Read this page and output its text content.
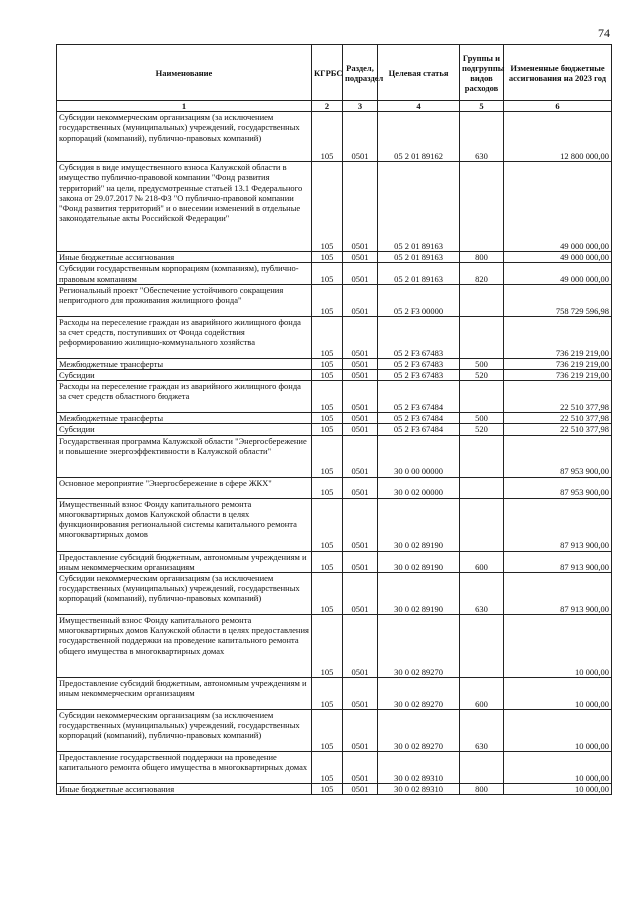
74
Наименование	КГРБС	Раздел, подраздел	Целевая статья	Группы и подгруппы видов расходов	Измененные бюджетные ассигнования на 2023 год
1	2	3	4	5	6
Субсидии некоммерческим организациям (за исключением государственных (муниципальных) учреждений, государственных корпораций (компаний), публично-правовых компаний)	105	0501	05 2 01 89162	630	12 800 000,00
Субсидия в виде имущественного взноса Калужской области в имущество публично-правовой компании "Фонд развития территорий" на цели, предусмотренные статьей 13.1 Федерального закона от 29.07.2017 № 218-ФЗ "О публично-правовой компании "Фонд развития территорий" и о внесении изменений в отдельные законодательные акты Российской Федерации"	105	0501	05 2 01 89163		49 000 000,00
Иные бюджетные ассигнования	105	0501	05 2 01 89163	800	49 000 000,00
Субсидии государственным корпорациям (компаниям), публично-правовым компаниям	105	0501	05 2 01 89163	820	49 000 000,00
Региональный проект "Обеспечение устойчивого сокращения непригодного для проживания жилищного фонда"	105	0501	05 2 F3 00000		758 729 596,98
Расходы на переселение граждан из аварийного жилищного фонда за счет средств, поступивших от Фонда содействия реформированию жилищно-коммунального хозяйства	105	0501	05 2 F3 67483		736 219 219,00
Межбюджетные трансферты	105	0501	05 2 F3 67483	500	736 219 219,00
Субсидии	105	0501	05 2 F3 67483	520	736 219 219,00
Расходы на переселение граждан из аварийного жилищного фонда за счет средств областного бюджета	105	0501	05 2 F3 67484		22 510 377,98
Межбюджетные трансферты	105	0501	05 2 F3 67484	500	22 510 377,98
Субсидии	105	0501	05 2 F3 67484	520	22 510 377,98
Государственная программа Калужской области "Энергосбережение и повышение энергоэффективности в Калужской области"	105	0501	30 0 00 00000		87 953 900,00
Основное мероприятие "Энергосбережение в сфере ЖКХ"	105	0501	30 0 02 00000		87 953 900,00
Имущественный взнос Фонду капитального ремонта многоквартирных домов Калужской области в целях функционирования региональной системы капитального ремонта многоквартирных домов	105	0501	30 0 02 89190		87 913 900,00
Предоставление субсидий бюджетным, автономным учреждениям и иным некоммерческим организациям	105	0501	30 0 02 89190	600	87 913 900,00
Субсидии некоммерческим организациям (за исключением государственных (муниципальных) учреждений, государственных корпораций (компаний), публично-правовых компаний)	105	0501	30 0 02 89190	630	87 913 900,00
Имущественный взнос Фонду капитального ремонта многоквартирных домов Калужской области в целях предоставления государственной поддержки на проведение капитального ремонта общего имущества в многоквартирных домах	105	0501	30 0 02 89270		10 000,00
Предоставление субсидий бюджетным, автономным учреждениям и иным некоммерческим организациям	105	0501	30 0 02 89270	600	10 000,00
Субсидии некоммерческим организациям (за исключением государственных (муниципальных) учреждений, государственных корпораций (компаний), публично-правовых компаний)	105	0501	30 0 02 89270	630	10 000,00
Предоставление государственной поддержки на проведение капитального ремонта общего имущества в многоквартирных домах	105	0501	30 0 02 89310		10 000,00
Иные бюджетные ассигнования	105	0501	30 0 02 89310	800	10 000,00
